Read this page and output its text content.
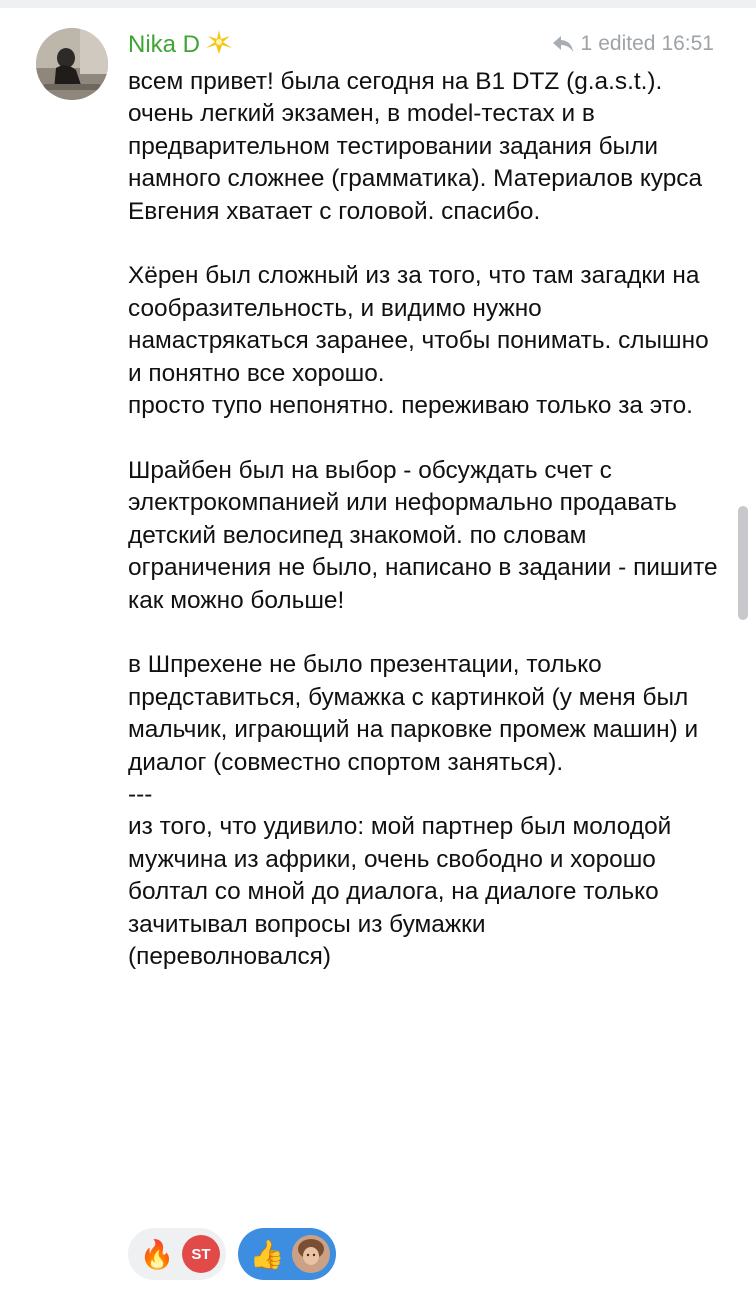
Nika D	1 edited 16:51

всем привет! была сегодня на B1 DTZ (g.a.s.t.). очень легкий экзамен, в model-тестах и в предварительном тестировании задания были намного сложнее (грамматика). Материалов курса Евгения хватает с головой. спасибо.

Хёрен был сложный из за того, что там загадки на сообразительность, и видимо нужно намастрякаться заранее, чтобы понимать. слышно и понятно все хорошо.
просто тупо непонятно. переживаю только за это.

Шрайбен был на выбор - обсуждать счет с электрокомпанией или неформально продавать детский велосипед знакомой. по словам ограничения не было, написано в задании - пишите как можно больше!

в Шпрехене не было презентации, только представиться, бумажка с картинкой (у меня был мальчик, играющий на парковке промеж машин) и диалог (совместно спортом заняться).
---
из того, что удивило: мой партнер был молодой мужчина из африки, очень свободно и хорошо болтал со мной до диалога, на диалоге только зачитывал вопросы из бумажки
(переволновался)

🔥	ST	👍
